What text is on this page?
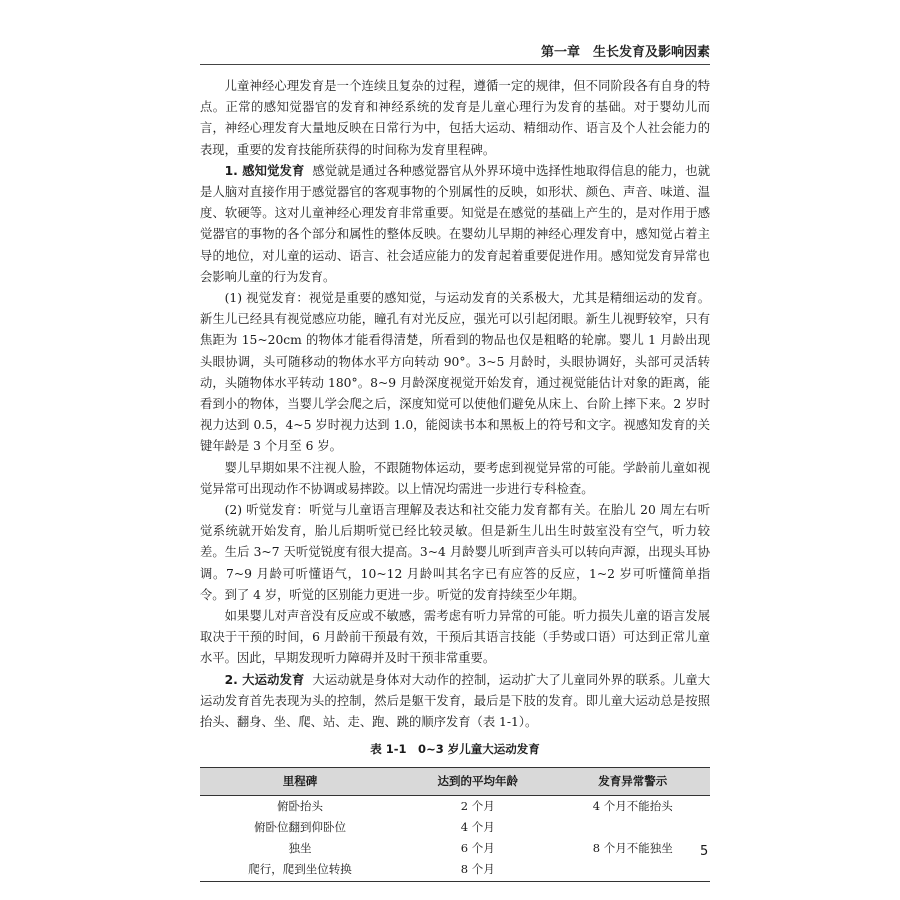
第一章　生长发育及影响因素

儿童神经心理发育是一个连续且复杂的过程，遵循一定的规律，但不同阶段各有自身的特点。正常的感知觉器官的发育和神经系统的发育是儿童心理行为发育的基础。对于婴幼儿而言，神经心理发育大量地反映在日常行为中，包括大运动、精细动作、语言及个人社会能力的表现，重要的发育技能所获得的时间称为发育里程碑。

1. 感知觉发育 感觉就是通过各种感觉器官从外界环境中选择性地取得信息的能力，也就是人脑对直接作用于感觉器官的客观事物的个别属性的反映，如形状、颜色、声音、味道、温度、软硬等。这对儿童神经心理发育非常重要。知觉是在感觉的基础上产生的，是对作用于感觉器官的事物的各个部分和属性的整体反映。在婴幼儿早期的神经心理发育中，感知觉占着主导的地位，对儿童的运动、语言、社会适应能力的发育起着重要促进作用。感知觉发育异常也会影响儿童的行为发育。

(1) 视觉发育：视觉是重要的感知觉，与运动发育的关系极大，尤其是精细运动的发育。新生儿已经具有视觉感应功能，瞳孔有对光反应，强光可以引起闭眼。新生儿视野较窄，只有焦距为 15~20cm 的物体才能看得清楚，所看到的物品也仅是粗略的轮廓。婴儿 1 月龄出现头眼协调，头可随移动的物体水平方向转动 90°。3~5 月龄时，头眼协调好，头部可灵活转动，头随物体水平转动 180°。8~9 月龄深度视觉开始发育，通过视觉能估计对象的距离，能看到小的物体，当婴儿学会爬之后，深度知觉可以使他们避免从床上、台阶上摔下来。2 岁时视力达到 0.5，4~5 岁时视力达到 1.0，能阅读书本和黑板上的符号和文字。视感知发育的关键年龄是 3 个月至 6 岁。

婴儿早期如果不注视人脸，不跟随物体运动，要考虑到视觉异常的可能。学龄前儿童如视觉异常可出现动作不协调或易摔跤。以上情况均需进一步进行专科检查。

(2) 听觉发育：听觉与儿童语言理解及表达和社交能力发育都有关。在胎儿 20 周左右听觉系统就开始发育，胎儿后期听觉已经比较灵敏。但是新生儿出生时鼓室没有空气，听力较差。生后 3~7 天听觉锐度有很大提高。3~4 月龄婴儿听到声音头可以转向声源，出现头耳协调。7~9 月龄可听懂语气，10~12 月龄叫其名字已有应答的反应，1~2 岁可听懂简单指令。到了 4 岁，听觉的区别能力更进一步。听觉的发育持续至少年期。

如果婴儿对声音没有反应或不敏感，需考虑有听力异常的可能。听力损失儿童的语言发展取决于干预的时间，6 月龄前干预最有效，干预后其语言技能（手势或口语）可达到正常儿童水平。因此，早期发现听力障碍并及时干预非常重要。

2. 大运动发育 大运动就是身体对大动作的控制，运动扩大了儿童同外界的联系。儿童大运动发育首先表现为头的控制，然后是躯干发育，最后是下肢的发育。即儿童大运动总是按照抬头、翻身、坐、爬、站、走、跑、跳的顺序发育（表 1-1）。

表 1-1　0~3 岁儿童大运动发育
里程碑	达到的平均年龄	发育异常警示
俯卧抬头	2 个月	4 个月不能抬头
俯卧位翻到仰卧位	4 个月	
独坐	6 个月	8 个月不能独坐
爬行，爬到坐位转换	8 个月	
5
